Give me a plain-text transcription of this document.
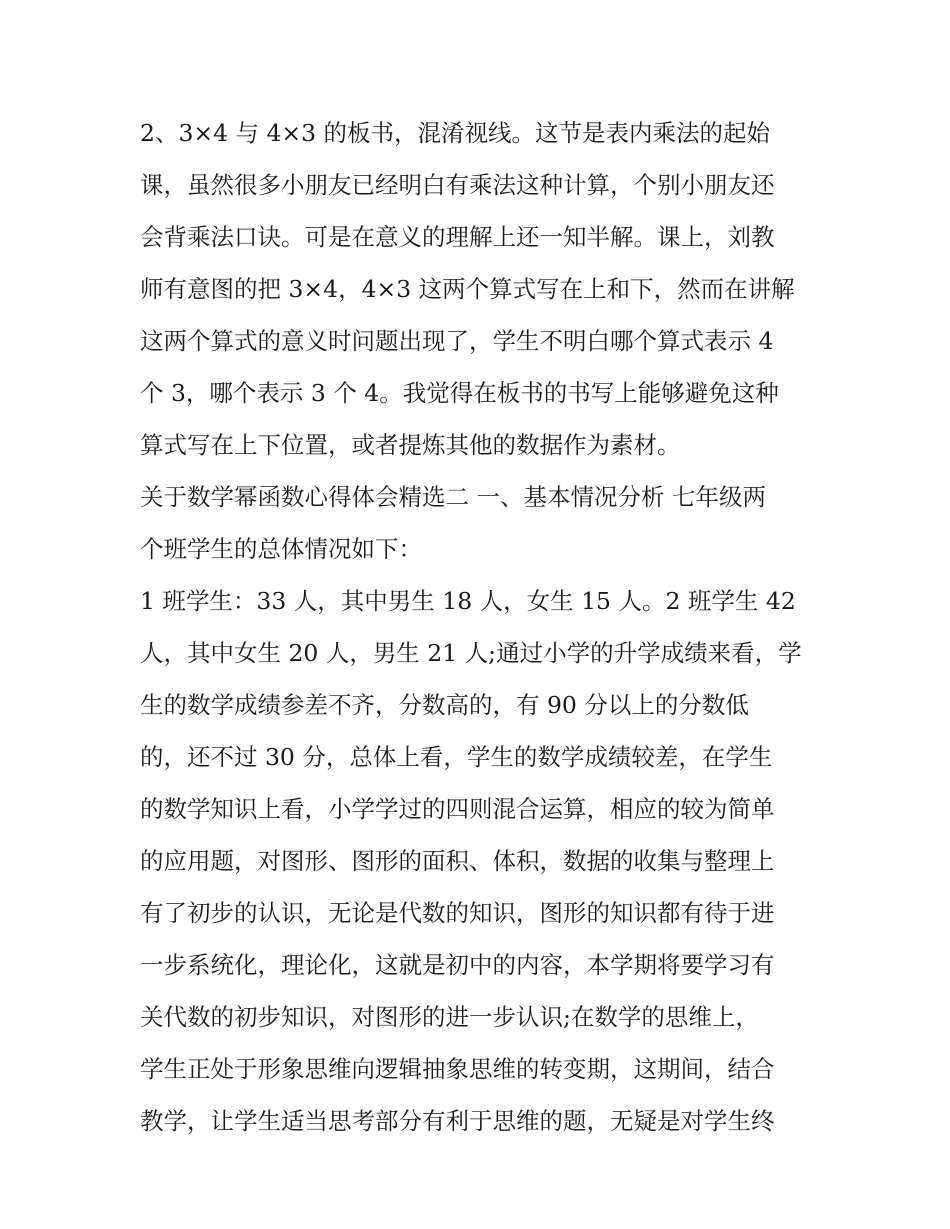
2、3×4 与 4×3 的板书，混淆视线。这节是表内乘法的起始
课，虽然很多小朋友已经明白有乘法这种计算，个别小朋友还
会背乘法口诀。可是在意义的理解上还一知半解。课上，刘教
师有意图的把 3×4，4×3 这两个算式写在上和下，然而在讲解
这两个算式的意义时问题出现了，学生不明白哪个算式表示 4
个 3，哪个表示 3 个 4。我觉得在板书的书写上能够避免这种
算式写在上下位置，或者提炼其他的数据作为素材。
关于数学幂函数心得体会精选二 一、基本情况分析 七年级两
个班学生的总体情况如下：
1 班学生：33 人，其中男生 18 人，女生 15 人。2 班学生 42
人，其中女生 20 人，男生 21 人;通过小学的升学成绩来看，学
生的数学成绩参差不齐，分数高的，有 90 分以上的分数低
的，还不过 30 分，总体上看，学生的数学成绩较差，在学生
的数学知识上看，小学学过的四则混合运算，相应的较为简单
的应用题，对图形、图形的面积、体积，数据的收集与整理上
有了初步的认识，无论是代数的知识，图形的知识都有待于进
一步系统化，理论化，这就是初中的内容，本学期将要学习有
关代数的初步知识，对图形的进一步认识;在数学的思维上，
学生正处于形象思维向逻辑抽象思维的转变期，这期间，结合
教学，让学生适当思考部分有利于思维的题，无疑是对学生终
